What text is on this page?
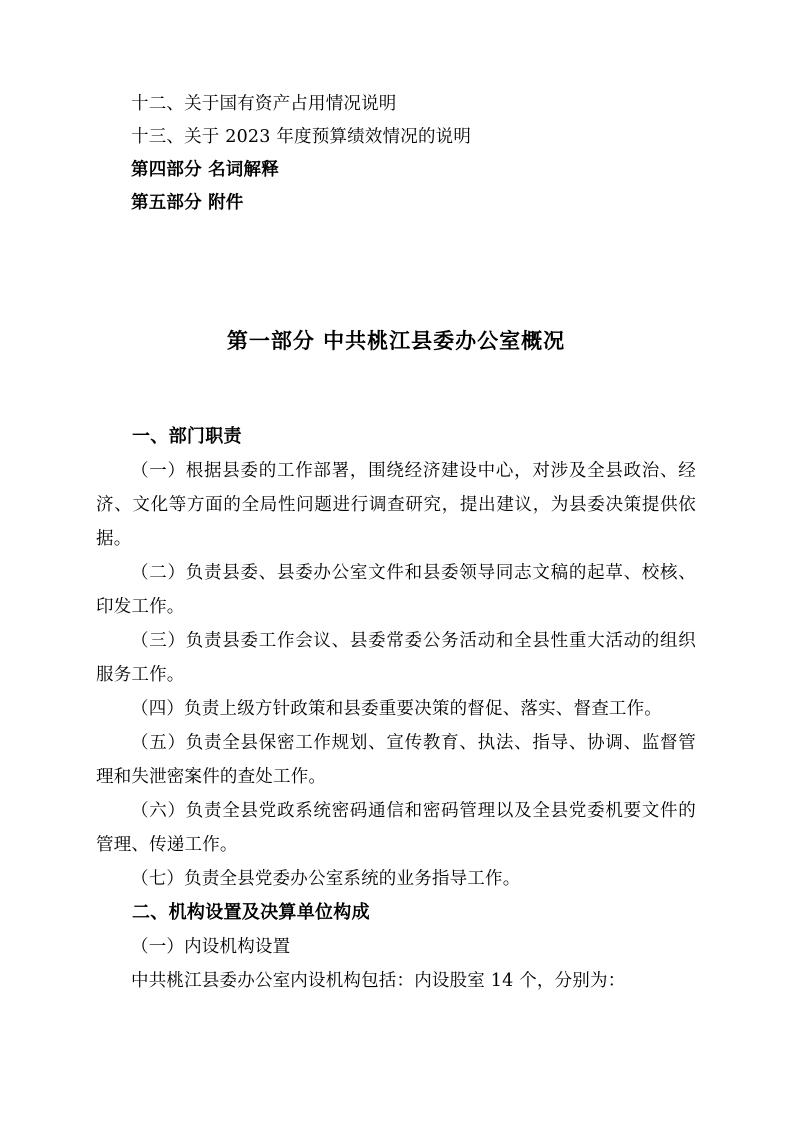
十二、关于国有资产占用情况说明
十三、关于 2023 年度预算绩效情况的说明
第四部分 名词解释
第五部分 附件
第一部分 中共桃江县委办公室概况
一、部门职责
（一）根据县委的工作部署，围绕经济建设中心，对涉及全县政治、经济、文化等方面的全局性问题进行调查研究，提出建议，为县委决策提供依据。
（二）负责县委、县委办公室文件和县委领导同志文稿的起草、校核、印发工作。
（三）负责县委工作会议、县委常委公务活动和全县性重大活动的组织服务工作。
（四）负责上级方针政策和县委重要决策的督促、落实、督查工作。
（五）负责全县保密工作规划、宣传教育、执法、指导、协调、监督管理和失泄密案件的查处工作。
（六）负责全县党政系统密码通信和密码管理以及全县党委机要文件的管理、传递工作。
（七）负责全县党委办公室系统的业务指导工作。
二、机构设置及决算单位构成
（一）内设机构设置
中共桃江县委办公室内设机构包括：内设股室 14 个，分别为：
